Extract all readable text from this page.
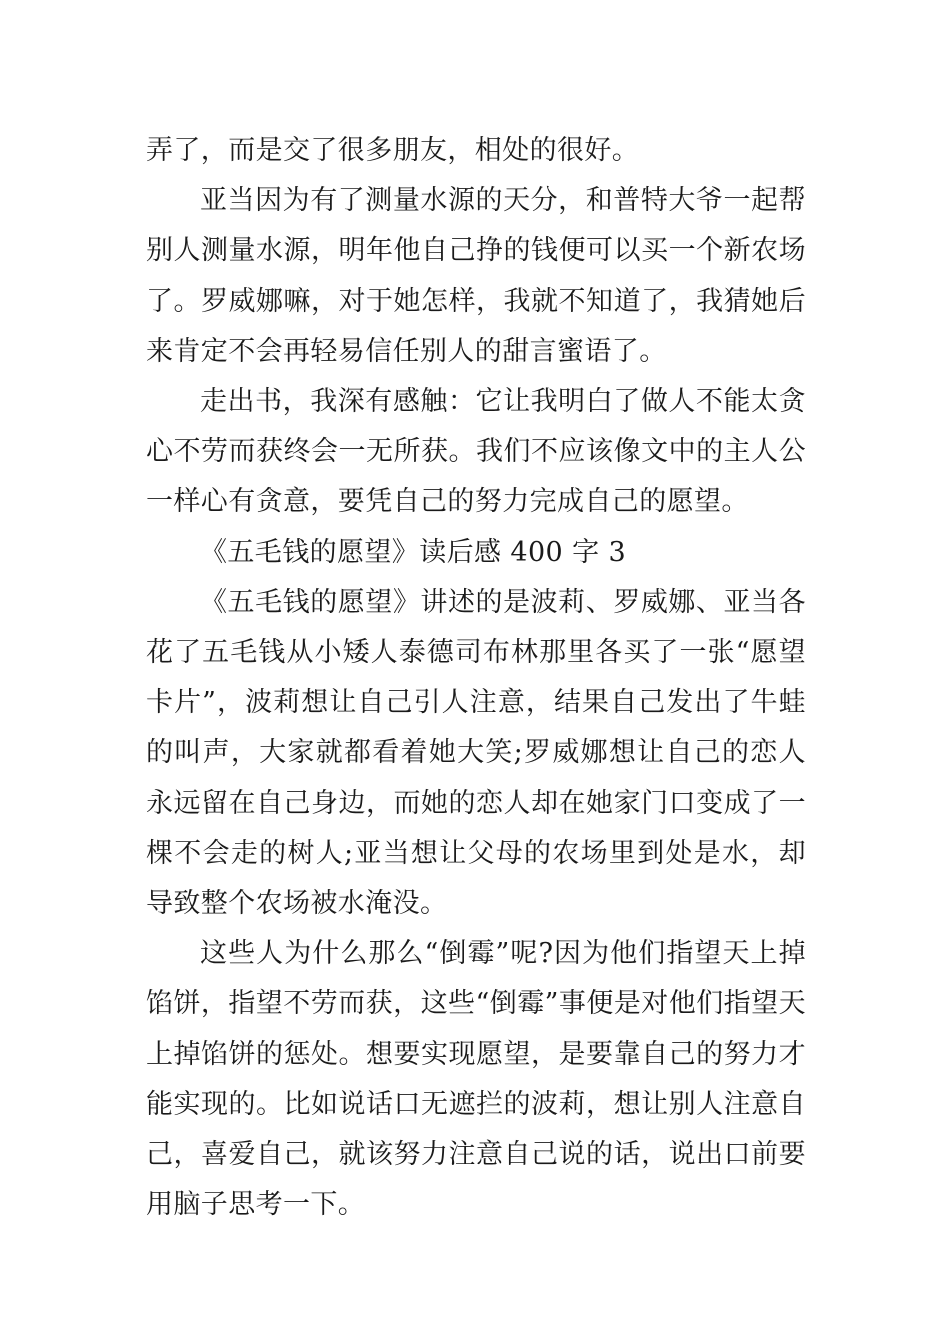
弄了，而是交了很多朋友，相处的很好。

亚当因为有了测量水源的天分，和普特大爷一起帮别人测量水源，明年他自己挣的钱便可以买一个新农场了。罗威娜嘛，对于她怎样，我就不知道了，我猜她后来肯定不会再轻易信任别人的甜言蜜语了。

走出书，我深有感触：它让我明白了做人不能太贪心不劳而获终会一无所获。我们不应该像文中的主人公一样心有贪意，要凭自己的努力完成自己的愿望。

《五毛钱的愿望》读后感 400 字 3

《五毛钱的愿望》讲述的是波莉、罗威娜、亚当各花了五毛钱从小矮人泰德司布林那里各买了一张“愿望卡片”，波莉想让自己引人注意，结果自己发出了牛蛙的叫声，大家就都看着她大笑;罗威娜想让自己的恋人永远留在自己身边，而她的恋人却在她家门口变成了一棵不会走的树人;亚当想让父母的农场里到处是水，却导致整个农场被水淹没。

这些人为什么那么“倒霉”呢?因为他们指望天上掉馅饼，指望不劳而获，这些“倒霉”事便是对他们指望天上掉馅饼的惩处。想要实现愿望，是要靠自己的努力才能实现的。比如说话口无遮拦的波莉，想让别人注意自己，喜爱自己，就该努力注意自己说的话，说出口前要用脑子思考一下。
